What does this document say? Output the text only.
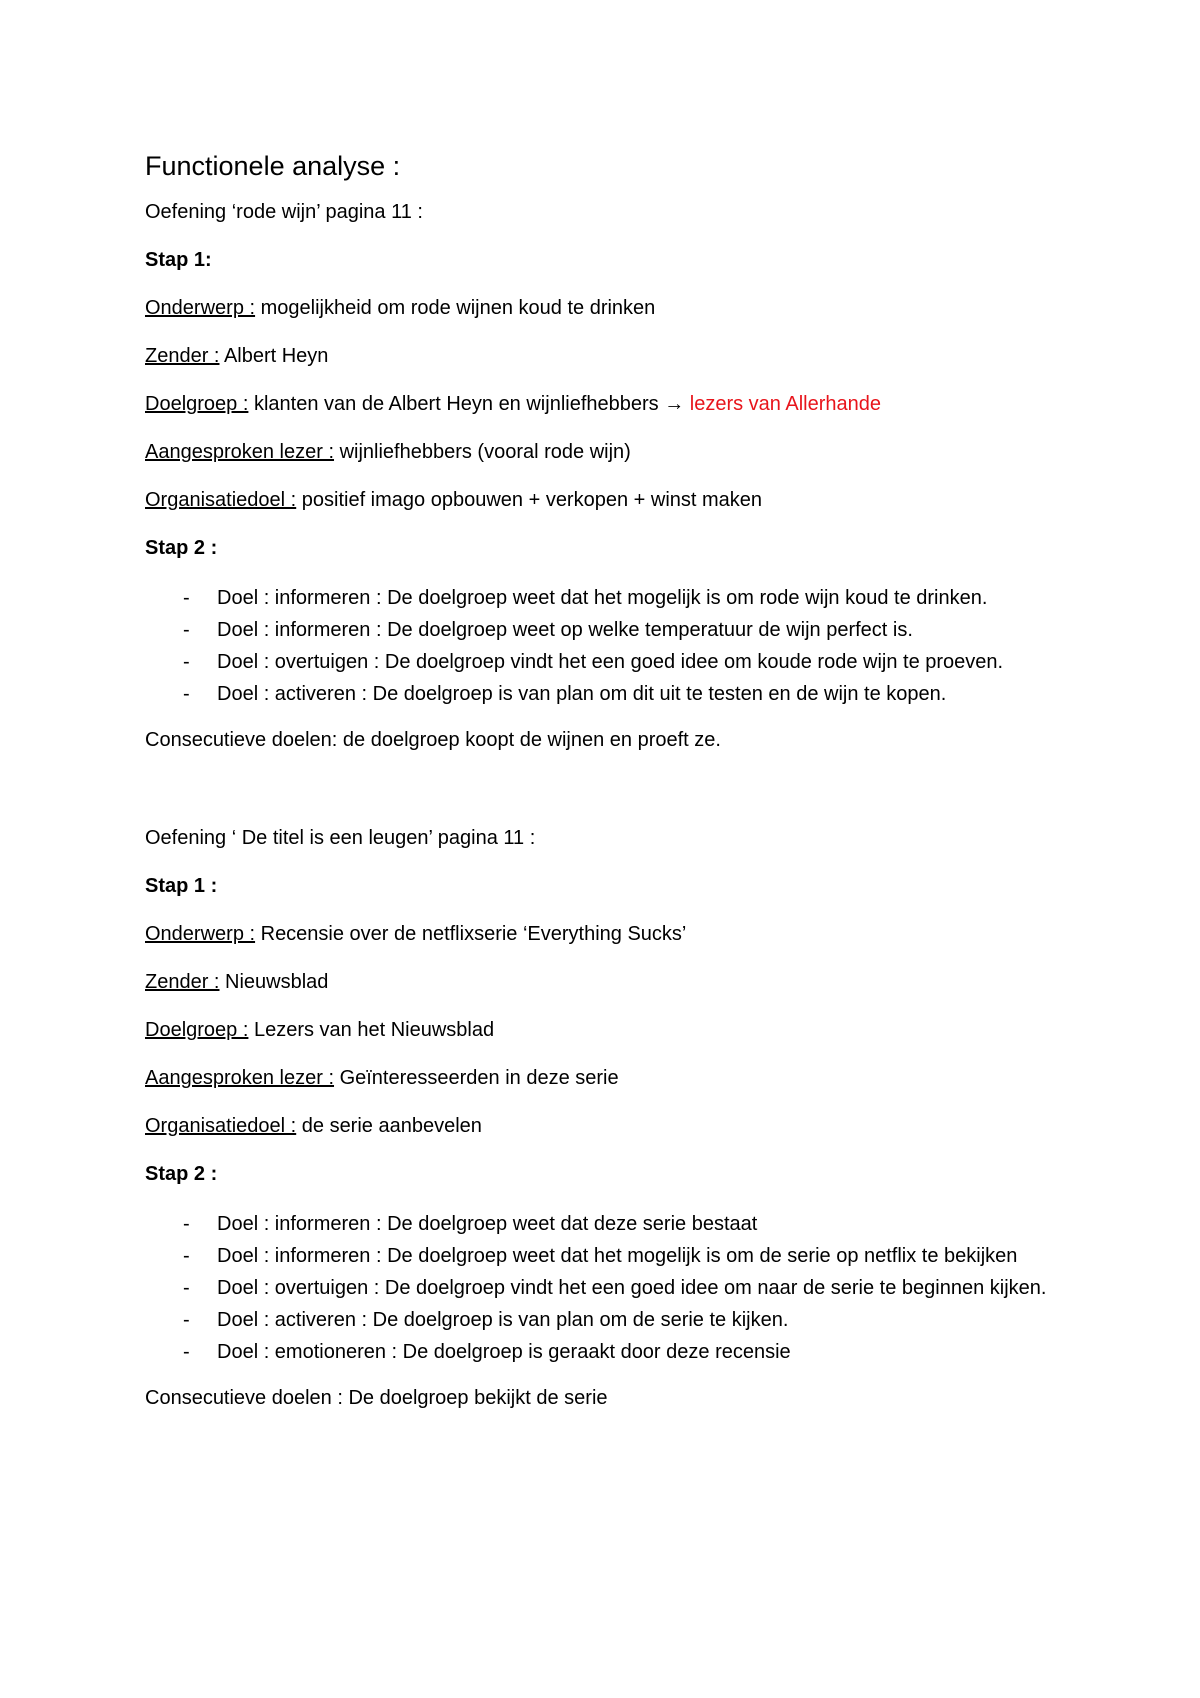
Functionele analyse :

Oefening ‘rode wijn’ pagina 11 :

Stap 1:

Onderwerp : mogelijkheid om rode wijnen koud te drinken

Zender : Albert Heyn

Doelgroep : klanten van de Albert Heyn en wijnliefhebbers → lezers van Allerhande

Aangesproken lezer : wijnliefhebbers (vooral rode wijn)

Organisatiedoel : positief imago opbouwen + verkopen + winst maken

Stap 2 :

- Doel : informeren : De doelgroep weet dat het mogelijk is om rode wijn koud te drinken.
- Doel : informeren : De doelgroep weet op welke temperatuur de wijn perfect is.
- Doel : overtuigen : De doelgroep vindt het een goed idee om koude rode wijn te proeven.
- Doel : activeren : De doelgroep is van plan om dit uit te testen en de wijn te kopen.

Consecutieve doelen: de doelgroep koopt de wijnen en proeft ze.

Oefening ‘ De titel is een leugen’ pagina 11 :

Stap 1 :

Onderwerp : Recensie over de netflixserie ‘Everything Sucks’

Zender : Nieuwsblad

Doelgroep : Lezers van het Nieuwsblad

Aangesproken lezer : Geïnteresseerden in deze serie

Organisatiedoel : de serie aanbevelen

Stap 2 :

- Doel : informeren : De doelgroep weet dat deze serie bestaat
- Doel : informeren : De doelgroep weet dat het mogelijk is om de serie op netflix te bekijken
- Doel : overtuigen : De doelgroep vindt het een goed idee om naar de serie te beginnen kijken.
- Doel : activeren : De doelgroep is van plan om de serie te kijken.
- Doel : emotioneren : De doelgroep is geraakt door deze recensie

Consecutieve doelen : De doelgroep bekijkt de serie
